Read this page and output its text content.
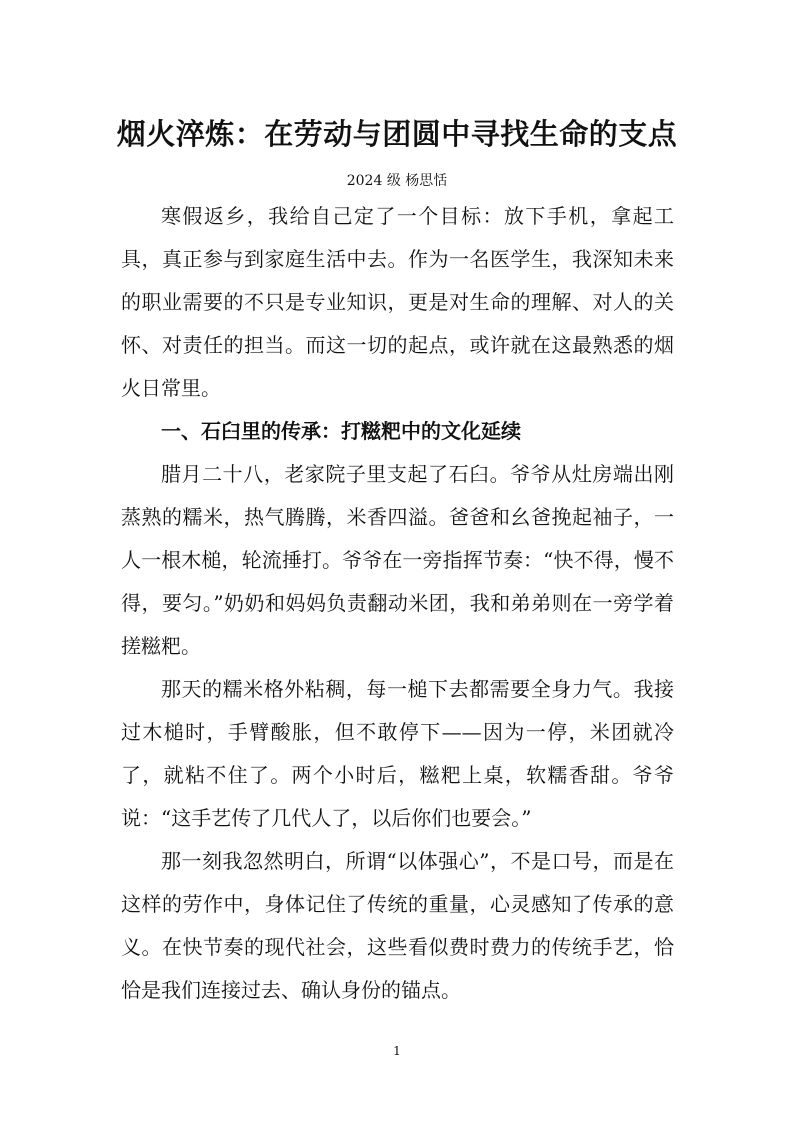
烟火淬炼：在劳动与团圆中寻找生命的支点
2024 级 杨思恬

寒假返乡，我给自己定了一个目标：放下手机，拿起工具，真正参与到家庭生活中去。作为一名医学生，我深知未来的职业需要的不只是专业知识，更是对生命的理解、对人的关怀、对责任的担当。而这一切的起点，或许就在这最熟悉的烟火日常里。

一、石臼里的传承：打糍粑中的文化延续

腊月二十八，老家院子里支起了石臼。爷爷从灶房端出刚蒸熟的糯米，热气腾腾，米香四溢。爸爸和幺爸挽起袖子，一人一根木槌，轮流捶打。爷爷在一旁指挥节奏：“快不得，慢不得，要匀。”奶奶和妈妈负责翻动米团，我和弟弟则在一旁学着搓糍粑。

那天的糯米格外粘稠，每一槌下去都需要全身力气。我接过木槌时，手臂酸胀，但不敢停下——因为一停，米团就冷了，就粘不住了。两个小时后，糍粑上桌，软糯香甜。爷爷说：“这手艺传了几代人了，以后你们也要会。”

那一刻我忽然明白，所谓“以体强心”，不是口号，而是在这样的劳作中，身体记住了传统的重量，心灵感知了传承的意义。在快节奏的现代社会，这些看似费时费力的传统手艺，恰恰是我们连接过去、确认身份的锚点。

1
